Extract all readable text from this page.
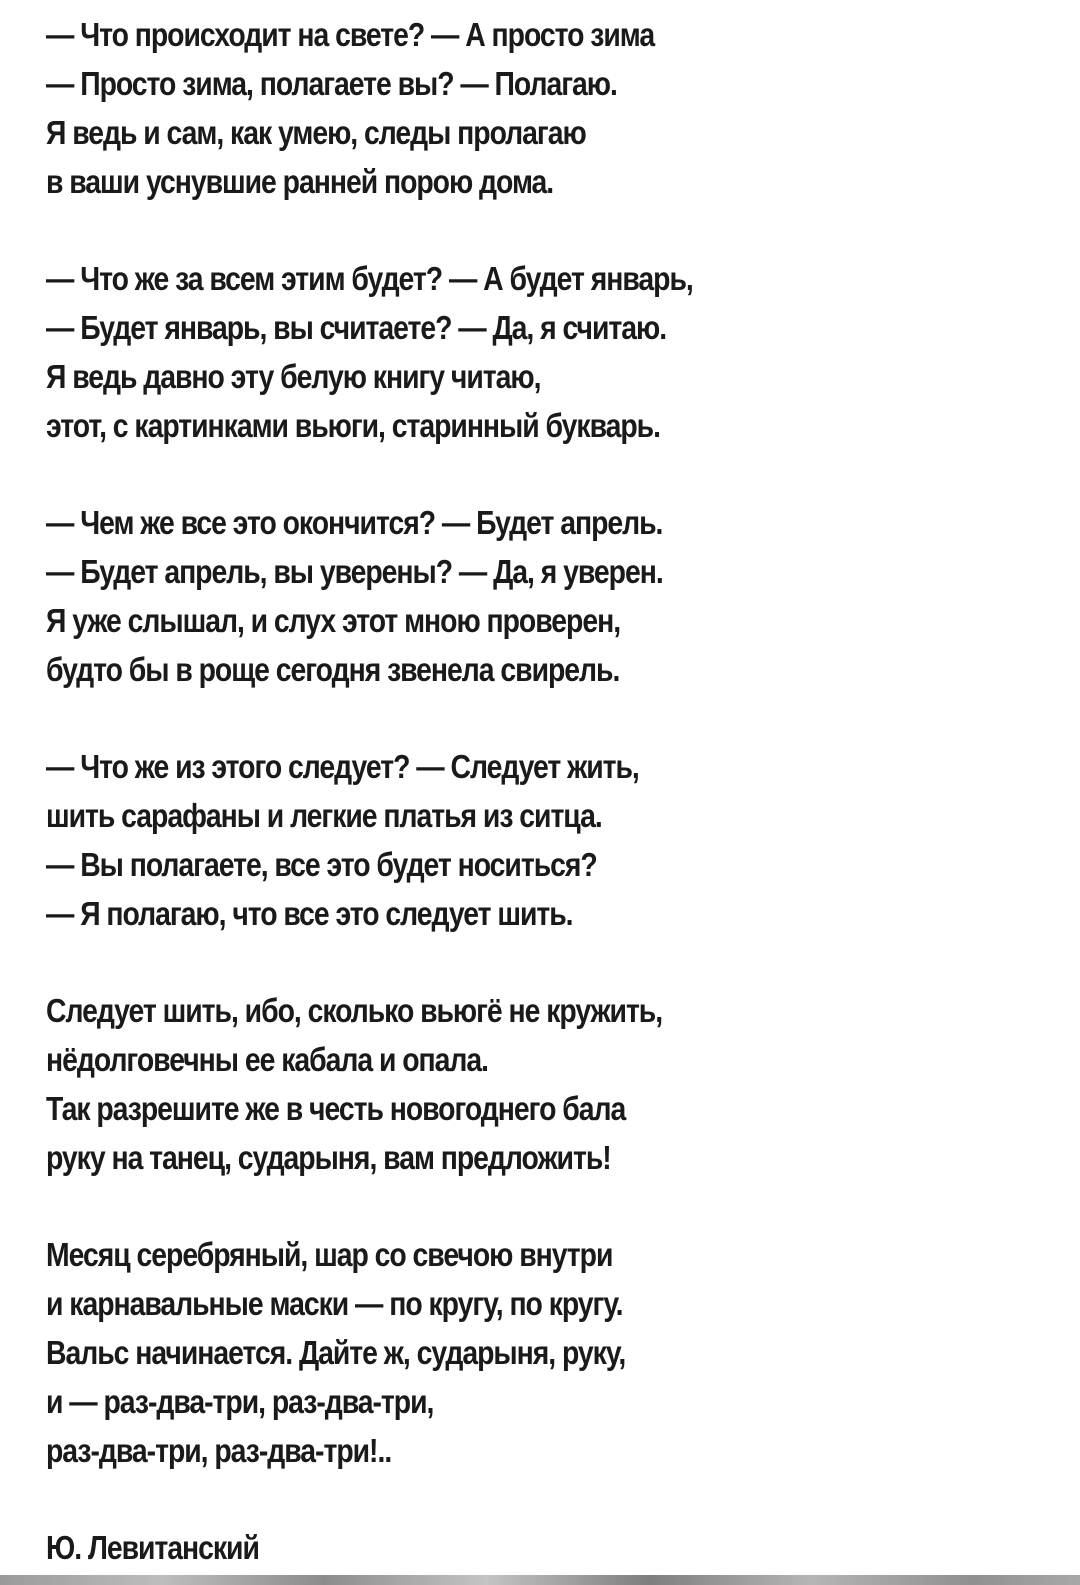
— Что происходит на свете? — А просто зима
— Просто зима, полагаете вы? — Полагаю.
Я ведь и сам, как умею, следы пролагаю
в ваши уснувшие ранней порою дома.
— Что же за всем этим будет? — А будет январь,
— Будет январь, вы считаете? — Да, я считаю.
Я ведь давно эту белую книгу читаю,
этот, с картинками вьюги, старинный букварь.
— Чем же все это окончится? — Будет апрель.
— Будет апрель, вы уверены? — Да, я уверен.
Я уже слышал, и слух этот мною проверен,
будто бы в роще сегодня звенела свирель.
— Что же из этого следует? — Следует жить,
шить сарафаны и легкие платья из ситца.
— Вы полагаете, все это будет носиться?
— Я полагаю, что все это следует шить.
Следует шить, ибо, сколько вьюгё не кружить,
нёдолговечны ее кабала и опала.
Так разрешите же в честь новогоднего бала
руку на танец, сударыня, вам предложить!
Месяц серебряный, шар со свечою внутри
и карнавальные маски — по кругу, по кругу.
Вальс начинается. Дайте ж, сударыня, руку,
и — раз-два-три, раз-два-три,
раз-два-три, раз-два-три!..
Ю. Левитанский
